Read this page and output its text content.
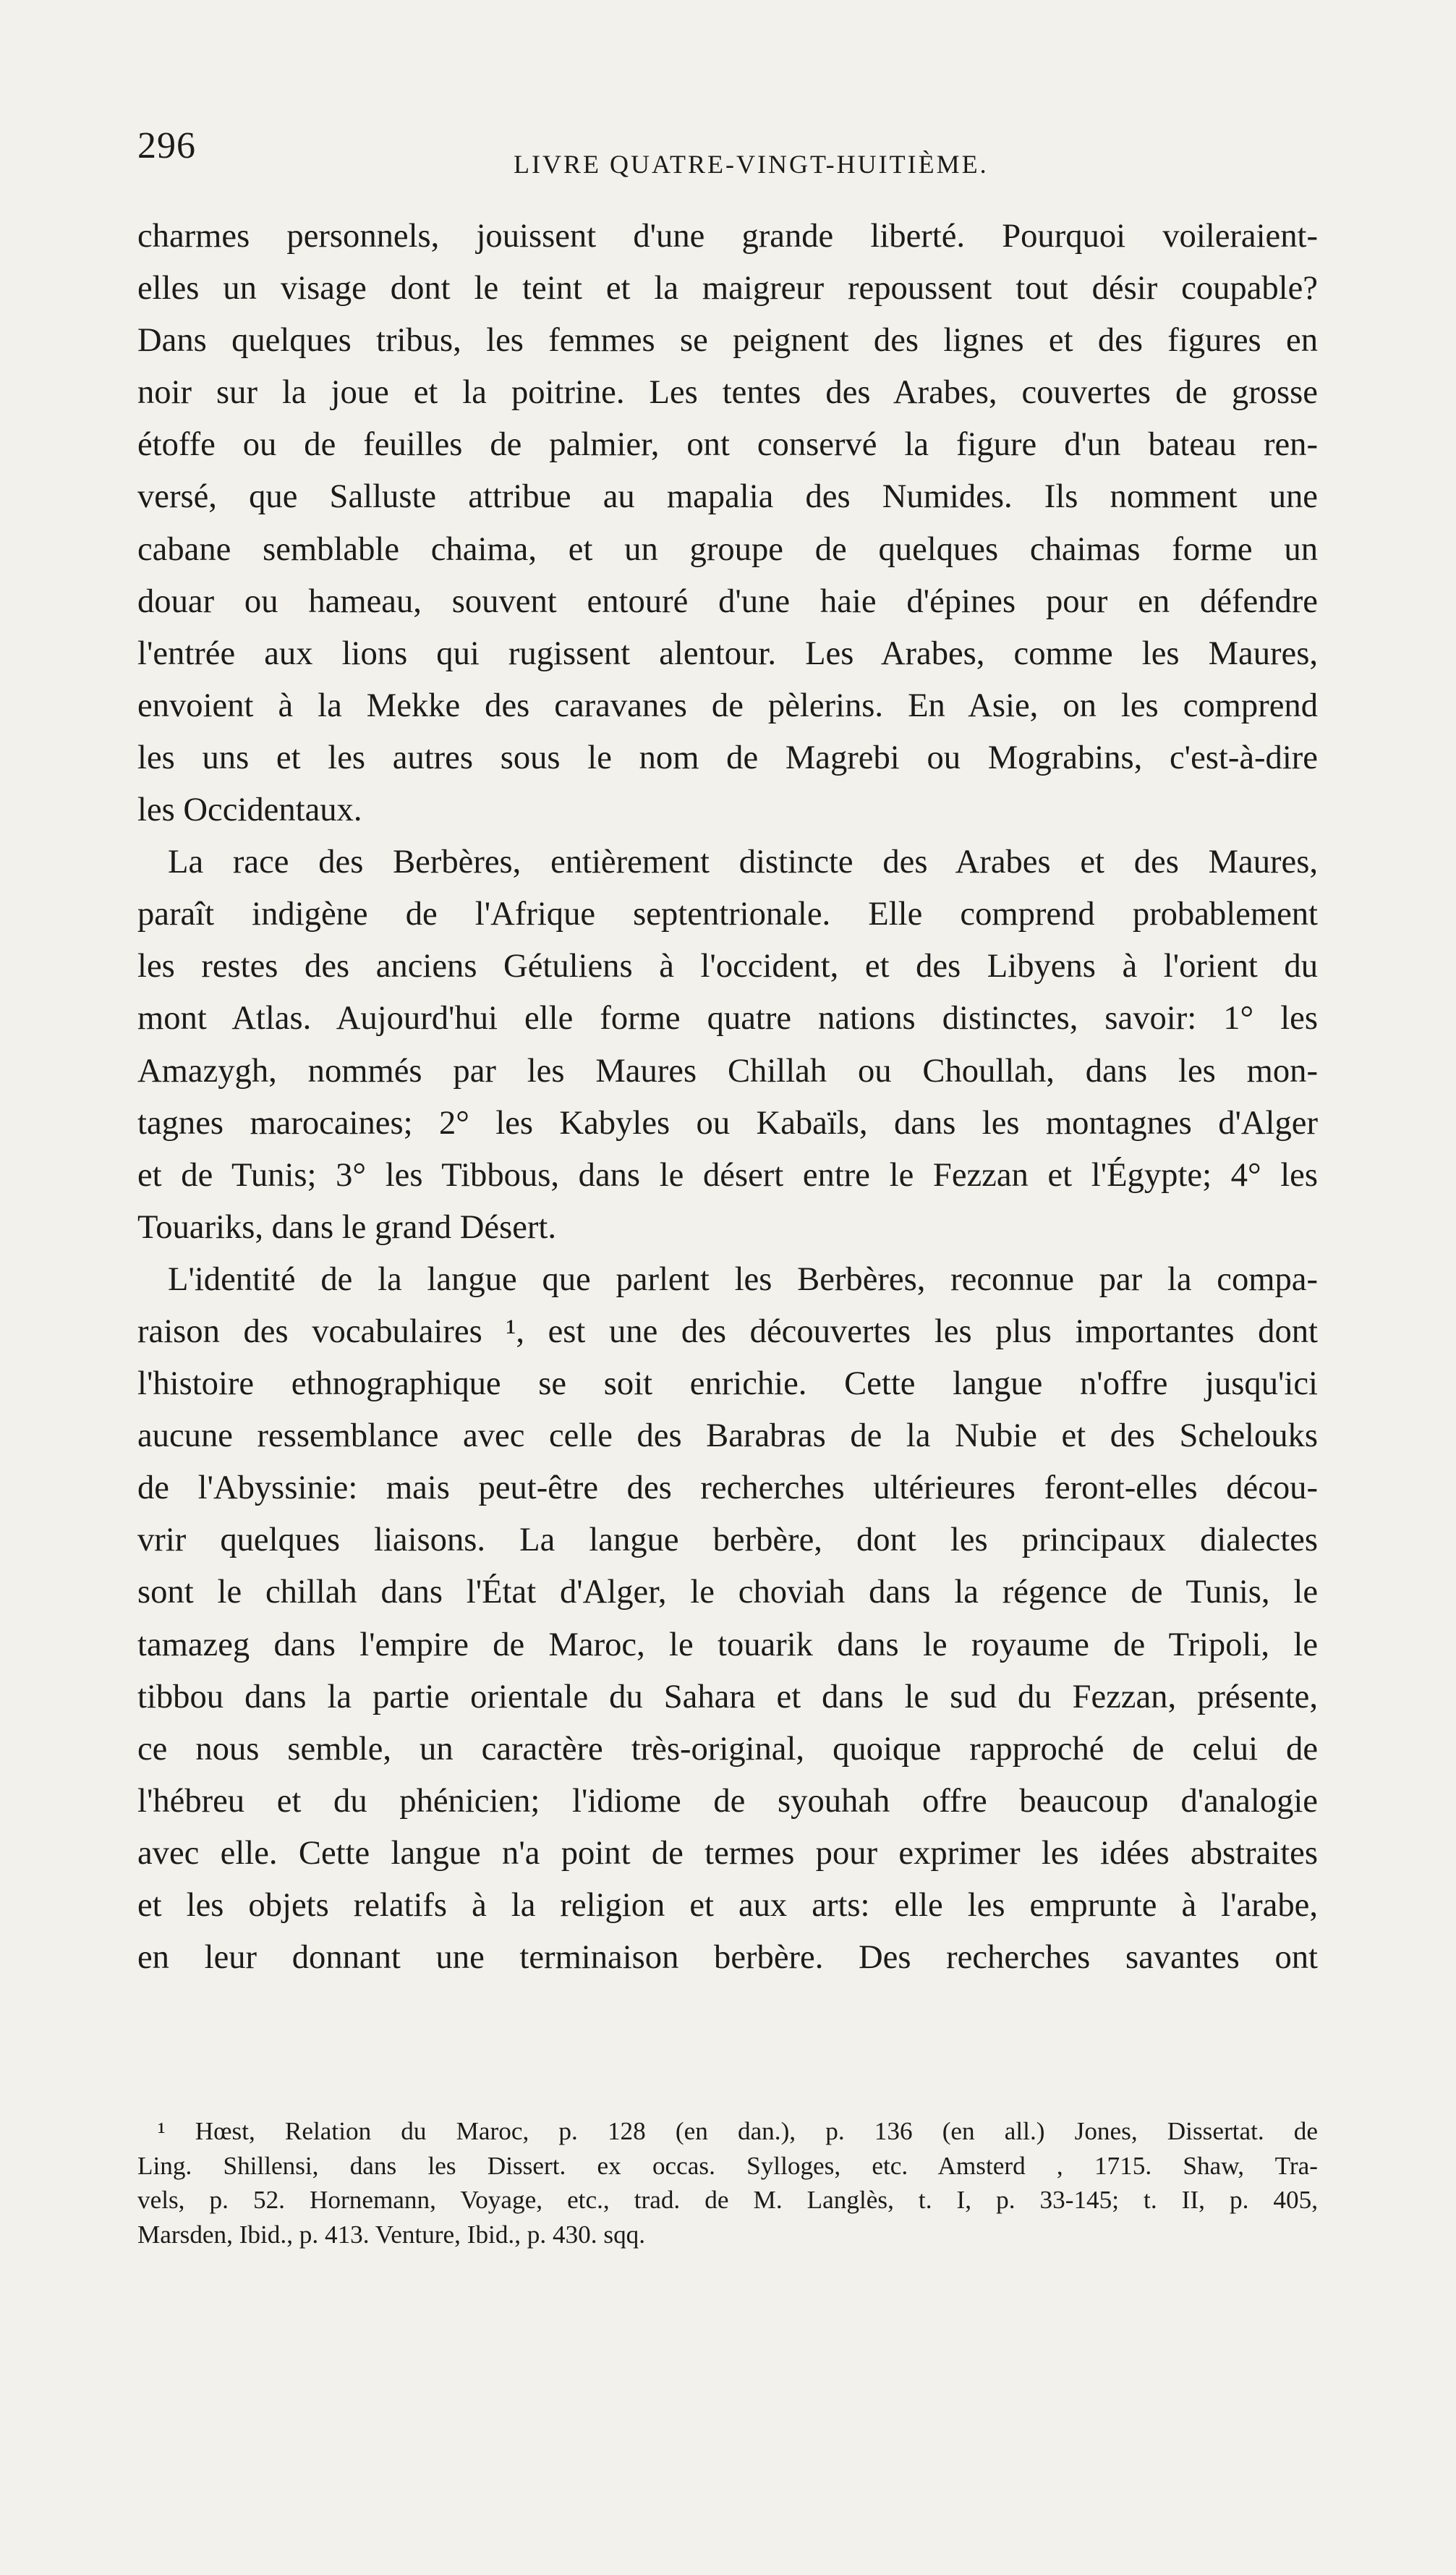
296	LIVRE QUATRE-VINGT-HUITIÈME.
charmes personnels, jouissent d'une grande liberté. Pourquoi voileraient-
elles un visage dont le teint et la maigreur repoussent tout désir coupable?
Dans quelques tribus, les femmes se peignent des lignes et des figures en
noir sur la joue et la poitrine. Les tentes des Arabes, couvertes de grosse
étoffe ou de feuilles de palmier, ont conservé la figure d'un bateau ren-
versé, que Salluste attribue au mapalia des Numides. Ils nomment une
cabane semblable chaima, et un groupe de quelques chaimas forme un
douar ou hameau, souvent entouré d'une haie d'épines pour en défendre
l'entrée aux lions qui rugissent alentour. Les Arabes, comme les Maures,
envoient à la Mekke des caravanes de pèlerins. En Asie, on les comprend
les uns et les autres sous le nom de Magrebi ou Mograbins, c'est-à-dire
les Occidentaux.
La race des Berbères, entièrement distincte des Arabes et des Maures,
paraît indigène de l'Afrique septentrionale. Elle comprend probablement
les restes des anciens Gétuliens à l'occident, et des Libyens à l'orient du
mont Atlas. Aujourd'hui elle forme quatre nations distinctes, savoir: 1° les
Amazygh, nommés par les Maures Chillah ou Choullah, dans les mon-
tagnes marocaines; 2° les Kabyles ou Kabaïls, dans les montagnes d'Alger
et de Tunis; 3° les Tibbous, dans le désert entre le Fezzan et l'Égypte; 4° les
Touariks, dans le grand Désert.
L'identité de la langue que parlent les Berbères, reconnue par la compa-
raison des vocabulaires ¹, est une des découvertes les plus importantes dont
l'histoire ethnographique se soit enrichie. Cette langue n'offre jusqu'ici
aucune ressemblance avec celle des Barabras de la Nubie et des Schelouks
de l'Abyssinie: mais peut-être des recherches ultérieures feront-elles décou-
vrir quelques liaisons. La langue berbère, dont les principaux dialectes
sont le chillah dans l'État d'Alger, le choviah dans la régence de Tunis, le
tamazeg dans l'empire de Maroc, le touarik dans le royaume de Tripoli, le
tibbou dans la partie orientale du Sahara et dans le sud du Fezzan, présente,
ce nous semble, un caractère très-original, quoique rapproché de celui de
l'hébreu et du phénicien; l'idiome de syouhah offre beaucoup d'analogie
avec elle. Cette langue n'a point de termes pour exprimer les idées abstraites
et les objets relatifs à la religion et aux arts: elle les emprunte à l'arabe,
en leur donnant une terminaison berbère. Des recherches savantes ont
¹ Hœst, Relation du Maroc, p. 128 (en dan.), p. 136 (en all.) Jones, Dissertat. de
Ling. Shillensi, dans les Dissert. ex occas. Sylloges, etc. Amsterd , 1715. Shaw, Tra-
vels, p. 52. Hornemann, Voyage, etc., trad. de M. Langlès, t. I, p. 33-145; t. II, p. 405,
Marsden, Ibid., p. 413. Venture, Ibid., p. 430. sqq.
